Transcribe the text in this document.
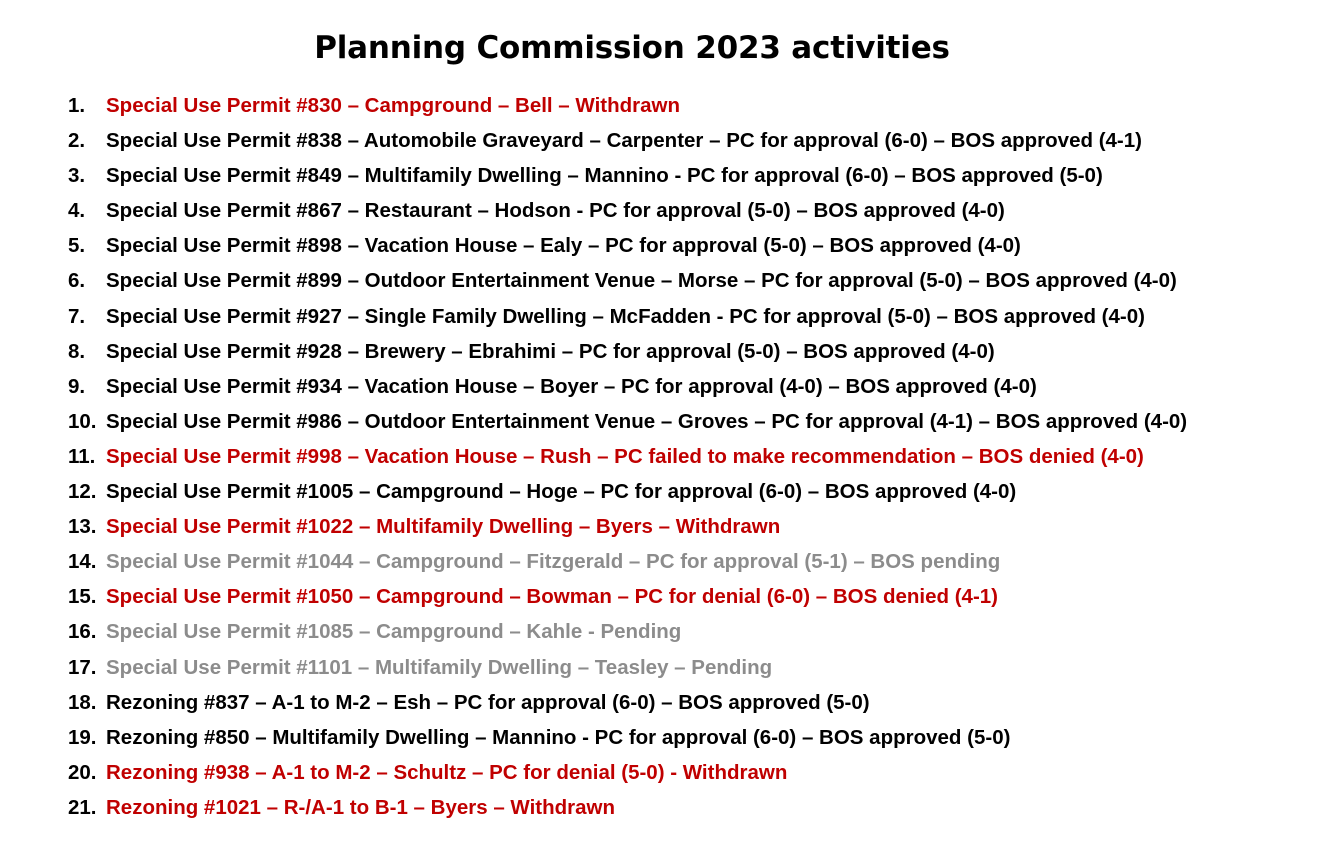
Planning Commission 2023 activities
1.	Special Use Permit #830 – Campground – Bell – Withdrawn
2.	Special Use Permit #838 – Automobile Graveyard – Carpenter – PC for approval (6-0) – BOS approved (4-1)
3.	Special Use Permit #849 – Multifamily Dwelling – Mannino - PC for approval (6-0) – BOS approved (5-0)
4.	Special Use Permit #867 – Restaurant – Hodson - PC for approval (5-0) – BOS approved (4-0)
5.	Special Use Permit #898 – Vacation House – Ealy – PC for approval (5-0) – BOS approved (4-0)
6.	Special Use Permit #899 – Outdoor Entertainment Venue – Morse – PC for approval (5-0) – BOS approved (4-0)
7.	Special Use Permit #927 – Single Family Dwelling – McFadden - PC for approval (5-0) – BOS approved (4-0)
8.	Special Use Permit #928 – Brewery – Ebrahimi – PC for approval (5-0) – BOS approved (4-0)
9.	Special Use Permit #934 – Vacation House – Boyer – PC for approval (4-0) – BOS approved (4-0)
10. Special Use Permit #986 – Outdoor Entertainment Venue – Groves – PC for approval (4-1) – BOS approved (4-0)
11. Special Use Permit #998 – Vacation House – Rush – PC failed to make recommendation – BOS denied (4-0)
12. Special Use Permit #1005 – Campground – Hoge – PC for approval (6-0) – BOS approved (4-0)
13. Special Use Permit #1022 – Multifamily Dwelling – Byers – Withdrawn
14. Special Use Permit #1044 – Campground – Fitzgerald – PC for approval (5-1) – BOS pending
15. Special Use Permit #1050 – Campground – Bowman – PC for denial (6-0) – BOS denied (4-1)
16. Special Use Permit #1085 – Campground – Kahle - Pending
17. Special Use Permit #1101 – Multifamily Dwelling – Teasley – Pending
18. Rezoning #837 – A-1 to M-2 – Esh – PC for approval (6-0) – BOS approved (5-0)
19. Rezoning #850 – Multifamily Dwelling – Mannino - PC for approval (6-0) – BOS approved (5-0)
20. Rezoning #938 – A-1 to M-2 – Schultz – PC for denial (5-0) - Withdrawn
21. Rezoning #1021 – R-/A-1 to B-1 – Byers – Withdrawn
